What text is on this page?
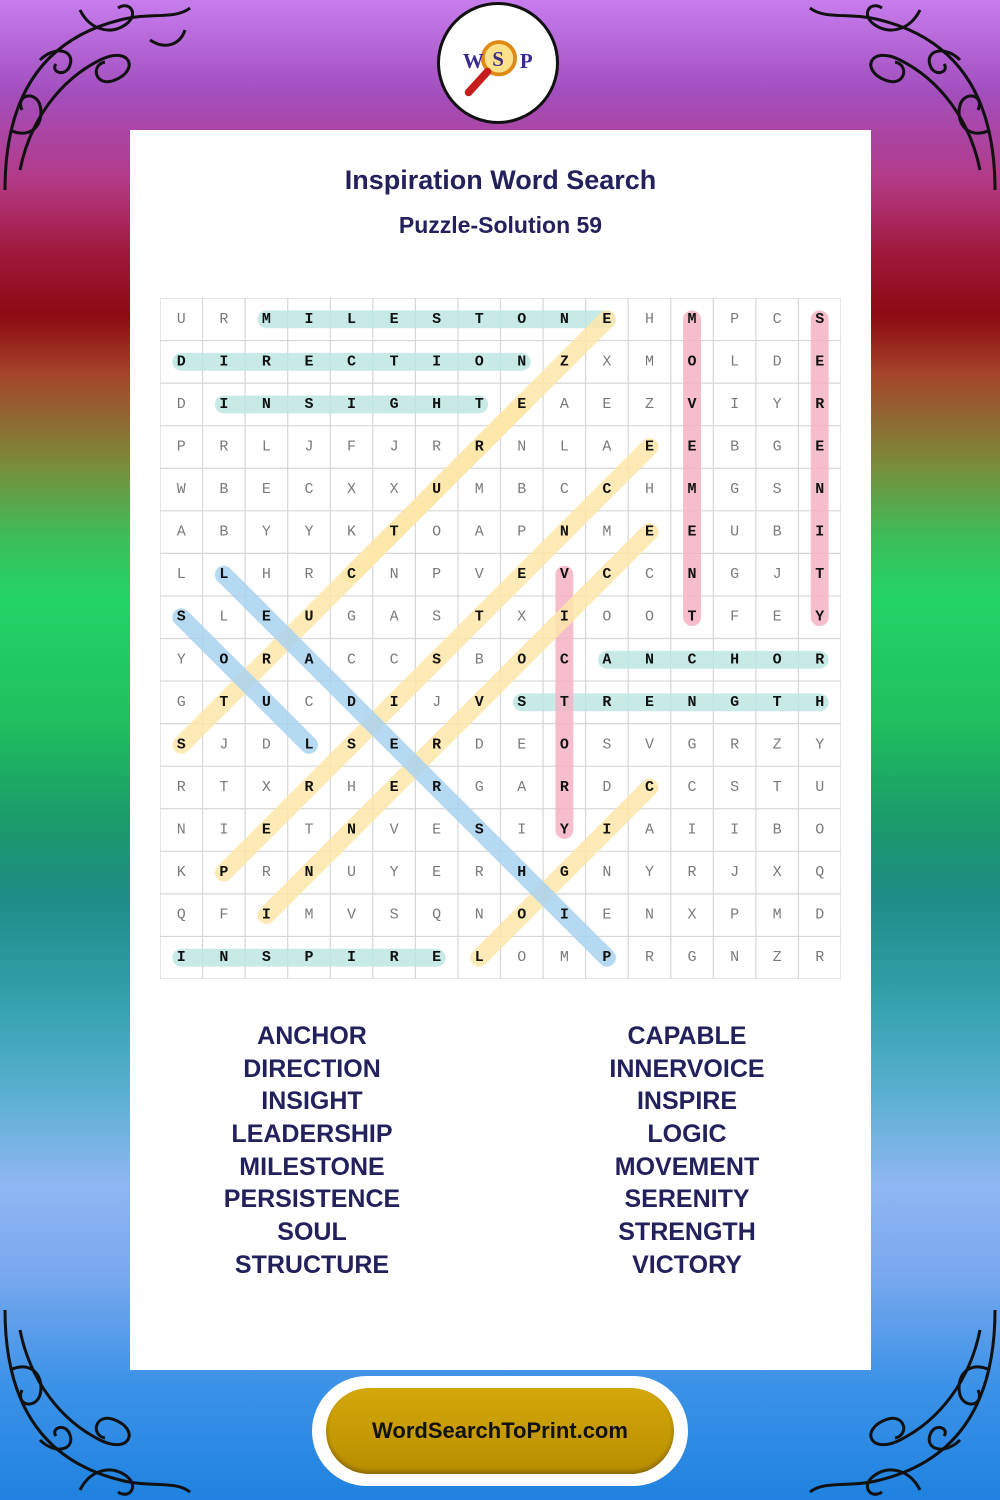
W S P
Inspiration Word Search
Puzzle-Solution 59
U R M I L E S T O N E H M P C S
D I R E C T I O N Z X M O L D E
D I N S I G H T E A E Z V I Y R
P R L J F J R R N L A E E B G E
W B E C X X U M B C C H M G S N
A B Y Y K T O A P N M E E U B I
L L H R C N P V E V C C N G J T
S L E U G A S T X I O O T F E Y
Y O R A C C S B O C A N C H O R
G T U C D I J V S T R E N G T H
S J D L S E R D E O S V G R Z Y
R T X R H E R G A R D C C S T U
N I E T N V E S I Y I A I I B O
K P R N U Y E R H G N Y R J X Q
Q F I M V S Q N O I E N X P M D
I N S P I R E L O M P R G N Z R
ANCHOR
DIRECTION
INSIGHT
LEADERSHIP
MILESTONE
PERSISTENCE
SOUL
STRUCTURE
CAPABLE
INNERVOICE
INSPIRE
LOGIC
MOVEMENT
SERENITY
STRENGTH
VICTORY
WordSearchToPrint.com
